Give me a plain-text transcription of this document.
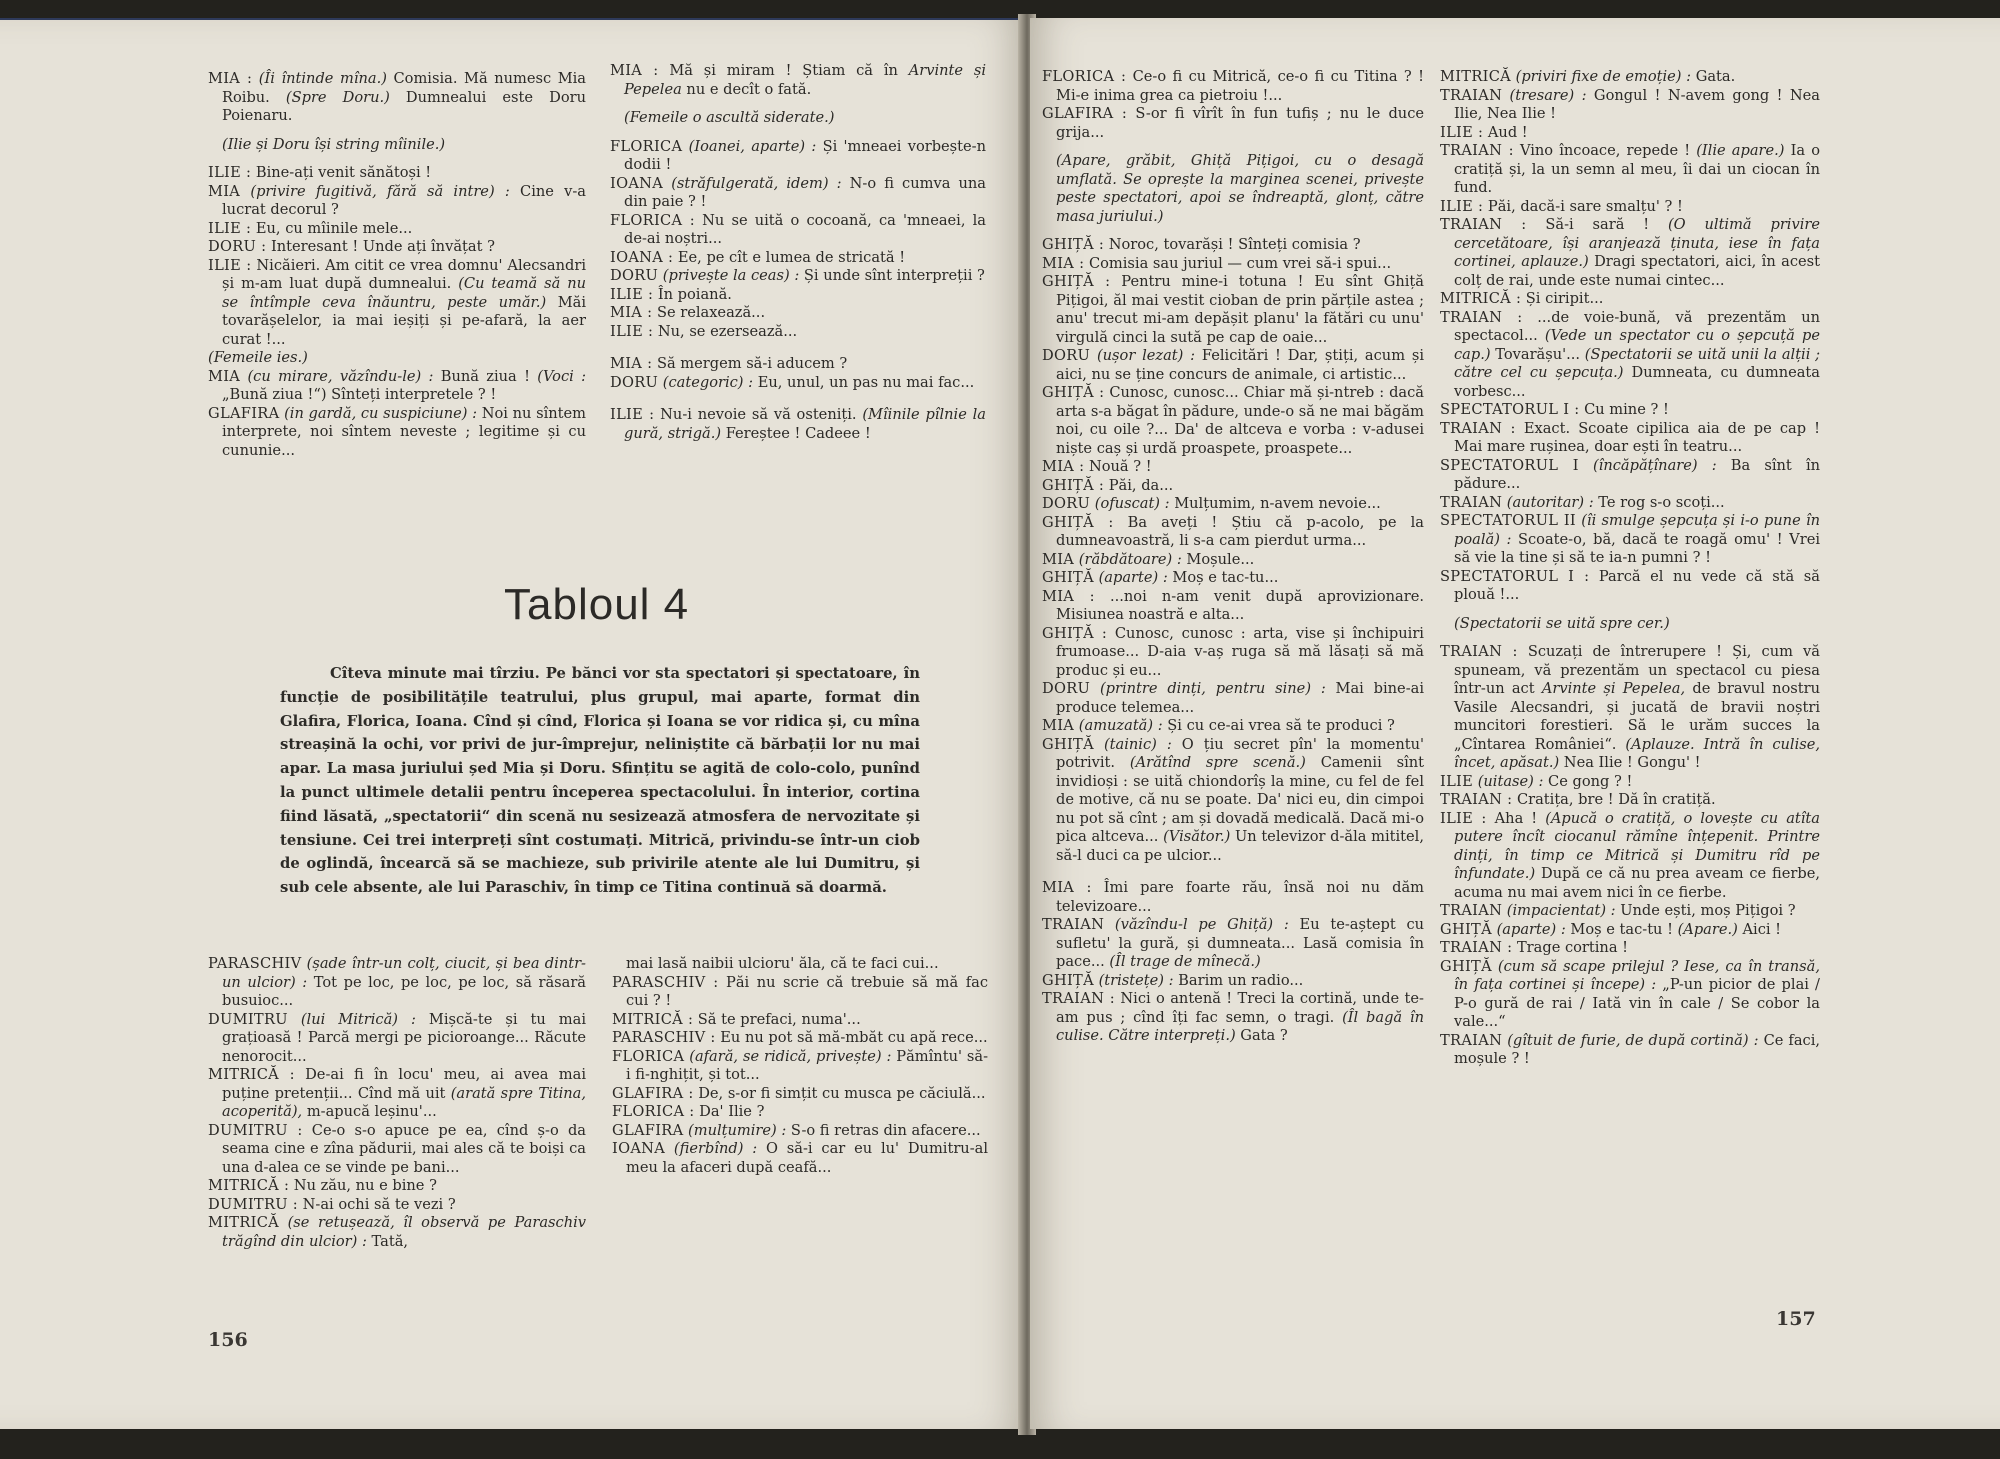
MIA : (Îi întinde mîna.) Comisia. Mă numesc Mia Roibu. (Spre Doru.) Dumnealui este Doru Poienaru.

(Ilie și Doru își string mîinile.)

ILIE : Bine-ați venit sănătoși !

MIA (privire fugitivă, fără să intre) : Cine v-a lucrat decorul ?

ILIE : Eu, cu mîinile mele...

DORU : Interesant ! Unde ați învățat ?

ILIE : Nicăieri. Am citit ce vrea domnu' Alecsandri și m-am luat după dumnealui. (Cu teamă să nu se întîmple ceva înăuntru, peste umăr.) Măi tovarășelelor, ia mai ieșiți și pe-afară, la aer curat !...

(Femeile ies.)

MIA (cu mirare, văzîndu-le) : Bună ziua ! (Voci : „Bună ziua !“) Sînteți interpretele ? !

GLAFIRA (in gardă, cu suspiciune) : Noi nu sîntem interprete, noi sîntem neveste ; legitime și cu cununie...

MIA : Mă și miram ! Știam că în Arvinte și Pepelea nu e decît o fată.

(Femeile o ascultă siderate.)

FLORICA (Ioanei, aparte) : Și 'mneaei vorbește-n dodii !

IOANA (străfulgerată, idem) : N-o fi cumva una din paie ? !

FLORICA : Nu se uită o cocoană, ca 'mneaei, la de-ai noștri...

IOANA : Ee, pe cît e lumea de stricată !

DORU (privește la ceas) : Și unde sînt interpreții ?

ILIE : În poiană.

MIA : Se relaxează...

ILIE : Nu, se ezersează...

MIA : Să mergem să-i aducem ?

DORU (categoric) : Eu, unul, un pas nu mai fac...

ILIE : Nu-i nevoie să vă osteniți. (Mîinile pîlnie la gură, strigă.) Fereștee ! Cadeee !

Tabloul 4

Cîteva minute mai tîrziu. Pe bănci vor sta spectatori și spectatoare, în funcție de posibilitățile teatrului, plus grupul, mai aparte, format din Glafira, Florica, Ioana. Cînd și cînd, Florica și Ioana se vor ridica și, cu mîna streașină la ochi, vor privi de jur-împrejur, neliniștite că bărbații lor nu mai apar. La masa juriului șed Mia și Doru. Sfințitu se agită de colo-colo, punînd la punct ultimele detalii pentru începerea spectacolului. În interior, cortina fiind lăsată, „spectatorii“ din scenă nu sesizează atmosfera de nervozitate și tensiune. Cei trei interpreți sînt costumați. Mitrică, privindu-se într-un ciob de oglindă, încearcă să se machieze, sub privirile atente ale lui Dumitru, și sub cele absente, ale lui Paraschiv, în timp ce Titina continuă să doarmă.

PARASCHIV (șade într-un colț, ciucit, și bea dintr-un ulcior) : Tot pe loc, pe loc, pe loc, să răsară busuioc...

DUMITRU (lui Mitrică) : Mișcă-te și tu mai grațioasă ! Parcă mergi pe picioroange... Răcute nenorocit...

MITRICĂ : De-ai fi în locu' meu, ai avea mai puține pretenții... Cînd mă uit (arată spre Titina, acoperită), m-apucă leșinu'...

DUMITRU : Ce-o s-o apuce pe ea, cînd ș-o da seama cine e zîna pădurii, mai ales că te boiși ca una d-alea ce se vinde pe bani...

MITRICĂ : Nu zău, nu e bine ?

DUMITRU : N-ai ochi să te vezi ?

MITRICĂ (se retușează, îl observă pe Paraschiv trăgînd din ulcior) : Tată,

mai lasă naibii ulcioru' ăla, că te faci cui...

PARASCHIV : Păi nu scrie că trebuie să mă fac cui ? !

MITRICĂ : Să te prefaci, numa'...

PARASCHIV : Eu nu pot să mă-mbăt cu apă rece...

FLORICA (afară, se ridică, privește) : Pămîntu' să-i fi-nghițit, și tot...

GLAFIRA : De, s-or fi simțit cu musca pe căciulă...

FLORICA : Da' Ilie ?

GLAFIRA (mulțumire) : S-o fi retras din afacere...

IOANA (fierbînd) : O să-i car eu lu' Dumitru-al meu la afaceri după ceafă...

156

FLORICA : Ce-o fi cu Mitrică, ce-o fi cu Titina ? ! Mi-e inima grea ca pietroiu !...

GLAFIRA : S-or fi vîrît în fun tufiș ; nu le duce grija...

(Apare, grăbit, Ghiță Pițigoi, cu o desagă umflată. Se oprește la marginea scenei, privește peste spectatori, apoi se îndreaptă, glonț, către masa juriului.)

GHIȚĂ : Noroc, tovarăși ! Sînteți comisia ?

MIA : Comisia sau juriul — cum vrei să-i spui...

GHIȚĂ : Pentru mine-i totuna ! Eu sînt Ghiță Pițigoi, ăl mai vestit cioban de prin părțile astea ; anu' trecut mi-am depășit planu' la fătări cu unu' virgulă cinci la sută pe cap de oaie...

DORU (ușor lezat) : Felicitări ! Dar, știți, acum și aici, nu se ține concurs de animale, ci artistic...

GHIȚĂ : Cunosc, cunosc... Chiar mă și-ntreb : dacă arta s-a băgat în pădure, unde-o să ne mai băgăm noi, cu oile ?... Da' de altceva e vorba : v-adusei niște caș și urdă proaspete, proaspete...

MIA : Nouă ? !

GHIȚĂ : Păi, da...

DORU (ofuscat) : Mulțumim, n-avem nevoie...

GHIȚĂ : Ba aveți ! Știu că p-acolo, pe la dumneavoastră, li s-a cam pierdut urma...

MIA (răbdătoare) : Moșule...

GHIȚĂ (aparte) : Moș e tac-tu...

MIA : ...noi n-am venit după aprovizionare. Misiunea noastră e alta...

GHIȚĂ : Cunosc, cunosc : arta, vise și închipuiri frumoase... D-aia v-aș ruga să mă lăsați să mă produc și eu...

DORU (printre dinți, pentru sine) : Mai bine-ai produce telemea...

MIA (amuzată) : Și cu ce-ai vrea să te produci ?

GHIȚĂ (tainic) : O țiu secret pîn' la momentu' potrivit. (Arătînd spre scenă.) Camenii sînt invidioși : se uită chiondorîș la mine, cu fel de fel de motive, că nu se poate. Da' nici eu, din cimpoi nu pot să cînt ; am și dovadă medicală. Dacă mi-o pica altceva... (Visător.) Un televizor d-ăla mititel, să-l duci ca pe ulcior...

MIA : Îmi pare foarte rău, însă noi nu dăm televizoare...

TRAIAN (văzîndu-l pe Ghiță) : Eu te-aștept cu sufletu' la gură, și dumneata... Lasă comisia în pace... (Îl trage de mînecă.)

GHIȚĂ (tristețe) : Barim un radio...

TRAIAN : Nici o antenă ! Treci la cortină, unde te-am pus ; cînd îți fac semn, o tragi. (Îl bagă în culise. Către interpreți.) Gata ?

MITRICĂ (priviri fixe de emoție) : Gata.

TRAIAN (tresare) : Gongul ! N-avem gong ! Nea Ilie, Nea Ilie !

ILIE : Aud !

TRAIAN : Vino încoace, repede ! (Ilie apare.) Ia o cratiță și, la un semn al meu, îi dai un ciocan în fund.

ILIE : Păi, dacă-i sare smalțu' ? !

TRAIAN : Să-i sară ! (O ultimă privire cercetătoare, își aranjează ținuta, iese în fața cortinei, aplauze.) Dragi spectatori, aici, în acest colț de rai, unde este numai cintec...

MITRICĂ : Și ciripit...

TRAIAN : ...de voie-bună, vă prezentăm un spectacol... (Vede un spectator cu o șepcuță pe cap.) Tovarășu'... (Spectatorii se uită unii la alții ; către cel cu șepcuța.) Dumneata, cu dumneata vorbesc...

SPECTATORUL I : Cu mine ? !

TRAIAN : Exact. Scoate cipilica aia de pe cap ! Mai mare rușinea, doar ești în teatru...

SPECTATORUL I (încăpățînare) : Ba sînt în pădure...

TRAIAN (autoritar) : Te rog s-o scoți...

SPECTATORUL II (îi smulge șepcuța și i-o pune în poală) : Scoate-o, bă, dacă te roagă omu' ! Vrei să vie la tine și să te ia-n pumni ? !

SPECTATORUL I : Parcă el nu vede că stă să plouă !...

(Spectatorii se uită spre cer.)

TRAIAN : Scuzați de întrerupere ! Și, cum vă spuneam, vă prezentăm un spectacol cu piesa într-un act Arvinte și Pepelea, de bravul nostru Vasile Alecsandri, și jucată de bravii noștri muncitori forestieri. Să le urăm succes la „Cîntarea României“. (Aplauze. Intră în culise, încet, apăsat.) Nea Ilie ! Gongu' !

ILIE (uitase) : Ce gong ? !

TRAIAN : Cratița, bre ! Dă în cratiță.

ILIE : Aha ! (Apucă o cratiță, o lovește cu atîta putere încît ciocanul rămîne înțepenit. Printre dinți, în timp ce Mitrică și Dumitru rîd pe înfundate.) După ce că nu prea aveam ce fierbe, acuma nu mai avem nici în ce fierbe.

TRAIAN (impacientat) : Unde ești, moș Pițigoi ?

GHIȚĂ (aparte) : Moș e tac-tu ! (Apare.) Aici !

TRAIAN : Trage cortina !

GHIȚĂ (cum să scape prilejul ? Iese, ca în transă, în fața cortinei și începe) : „P-un picior de plai / P-o gură de rai / Iată vin în cale / Se cobor la vale...“

TRAIAN (gîtuit de furie, de după cortină) : Ce faci, moșule ? !

157
